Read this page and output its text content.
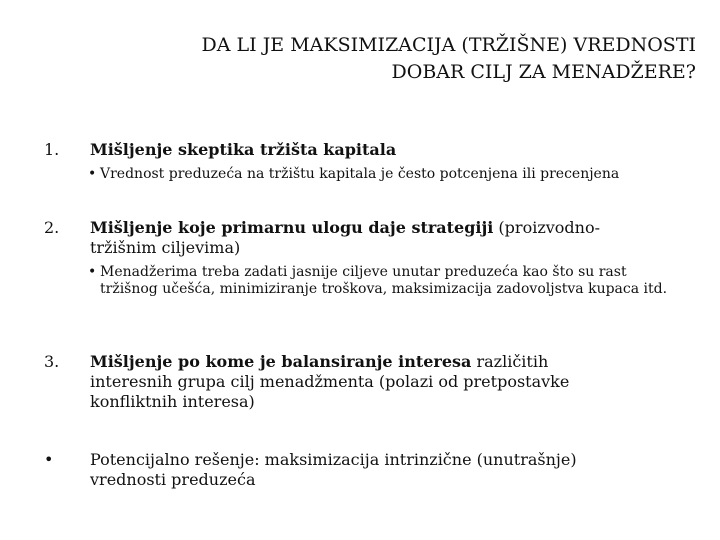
DA LI JE MAKSIMIZACIJA (TRŽIŠNE) VREDNOSTI
DOBAR CILJ ZA MENADŽERE?
1.	Mišljenje skeptika tržišta kapitala
• Vrednost preduzeća na tržištu kapitala je često potcenjena ili precenjena
2.	Mišljenje koje primarnu ulogu daje strategiji (proizvodno-tržišnim ciljevima)
• Menadžerima treba zadati jasnije ciljeve unutar preduzeća kao što su rast tržišnog učešća, minimiziranje troškova, maksimizacija zadovoljstva kupaca itd.
3.	Mišljenje po kome je balansiranje interesa različitih interesnih grupa cilj menadžmenta (polazi od pretpostavke konfliktnih interesa)
•	Potencijalno rešenje: maksimizacija intrinzične (unutrašnje) vrednosti preduzeća
